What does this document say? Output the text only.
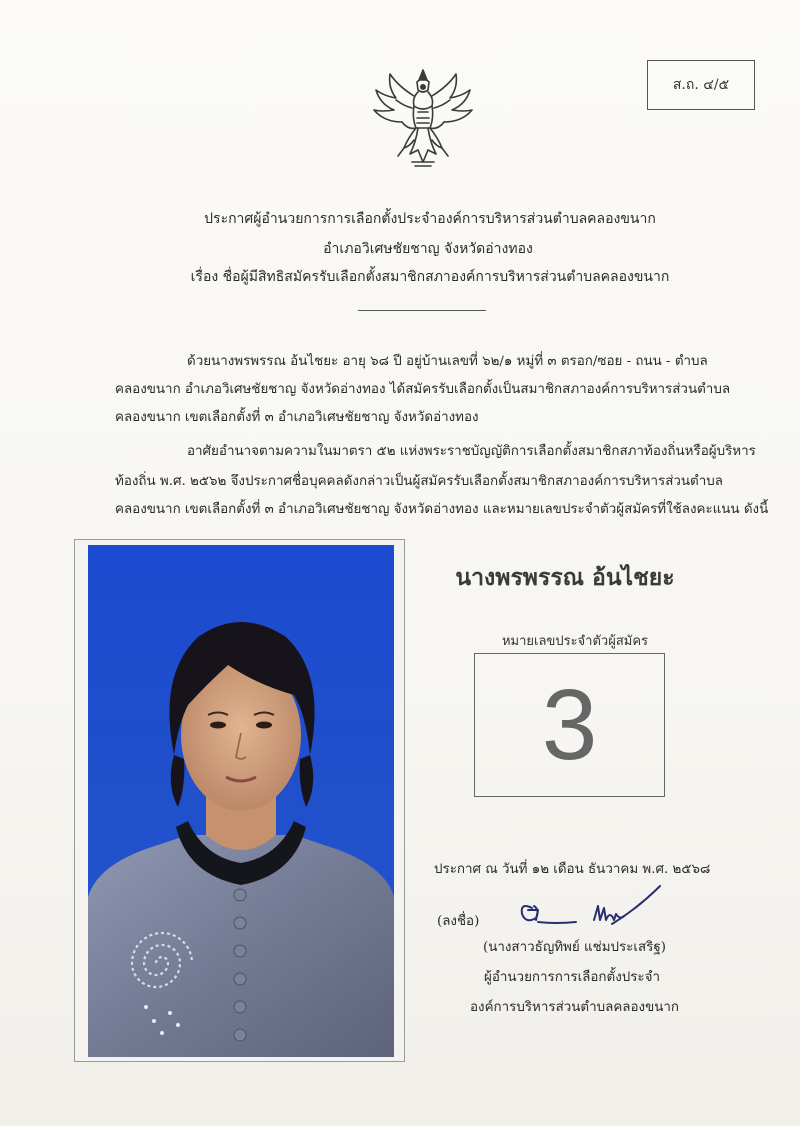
ส.ถ. ๔/๕
ประกาศผู้อำนวยการการเลือกตั้งประจำองค์การบริหารส่วนตำบลคลองขนาก
อำเภอวิเศษชัยชาญ จังหวัดอ่างทอง
เรื่อง ชื่อผู้มีสิทธิสมัครรับเลือกตั้งสมาชิกสภาองค์การบริหารส่วนตำบลคลองขนาก
ด้วยนางพรพรรณ อ้นไชยะ อายุ ๖๘ ปี อยู่บ้านเลขที่ ๖๒/๑ หมู่ที่ ๓ ตรอก/ซอย - ถนน - ตำบล
คลองขนาก อำเภอวิเศษชัยชาญ จังหวัดอ่างทอง ได้สมัครรับเลือกตั้งเป็นสมาชิกสภาองค์การบริหารส่วนตำบล
คลองขนาก เขตเลือกตั้งที่ ๓ อำเภอวิเศษชัยชาญ จังหวัดอ่างทอง
อาศัยอำนาจตามความในมาตรา ๕๒ แห่งพระราชบัญญัติการเลือกตั้งสมาชิกสภาท้องถิ่นหรือผู้บริหาร
ท้องถิ่น พ.ศ. ๒๕๖๒ จึงประกาศชื่อบุคคลดังกล่าวเป็นผู้สมัครรับเลือกตั้งสมาชิกสภาองค์การบริหารส่วนตำบล
คลองขนาก เขตเลือกตั้งที่ ๓ อำเภอวิเศษชัยชาญ จังหวัดอ่างทอง และหมายเลขประจำตัวผู้สมัครที่ใช้ลงคะแนน ดังนี้
นางพรพรรณ อ้นไชยะ
หมายเลขประจำตัวผู้สมัคร
3
ประกาศ ณ วันที่ ๑๒ เดือน ธันวาคม พ.ศ. ๒๕๖๘
(ลงชื่อ)
(นางสาวธัญทิพย์ แช่มประเสริฐ)
ผู้อำนวยการการเลือกตั้งประจำ
องค์การบริหารส่วนตำบลคลองขนาก
